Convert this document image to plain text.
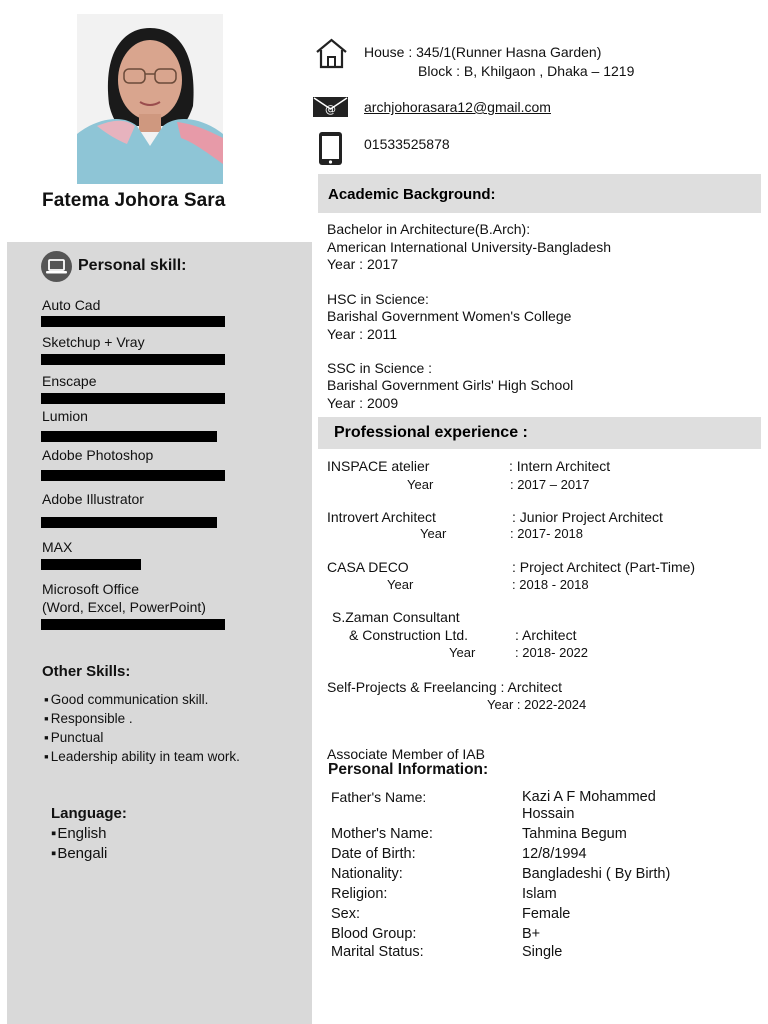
Fatema Johora Sara
Personal skill:
Auto Cad
Sketchup + Vray
Enscape
Lumion
Adobe Photoshop
Adobe Illustrator
MAX
Microsoft Office
(Word, Excel, PowerPoint)
Other Skills:
▪ Good communication skill.
▪ Responsible .
▪ Punctual
▪ Leadership ability in team work.
Language:
▪ English
▪ Bengali
House : 345/1(Runner Hasna Garden)
Block : B, Khilgaon , Dhaka – 1219
@ archjohorasara12@gmail.com
01533525878
Academic Background:
Bachelor in Architecture(B.Arch):
American International University-Bangladesh
Year : 2017
HSC in Science:
Barishal Government Women's College
Year : 2011
SSC in Science :
Barishal Government Girls' High School
Year : 2009
Professional experience :
INSPACE atelier	: Intern Architect
Year	: 2017 – 2017
Introvert Architect	: Junior Project Architect
Year	: 2017- 2018
CASA DECO	: Project Architect (Part-Time)
Year	: 2018 - 2018
S.Zaman Consultant
& Construction Ltd.	: Architect
Year	: 2018- 2022
Self-Projects & Freelancing : Architect
Year : 2022-2024
Associate Member of IAB
Personal Information:
Father's Name:	Kazi A F Mohammed
Hossain
Mother's Name:	Tahmina Begum
Date of Birth:	12/8/1994
Nationality:	Bangladeshi ( By Birth)
Religion:	Islam
Sex:	Female
Blood Group:	B+
Marital Status:	Single
